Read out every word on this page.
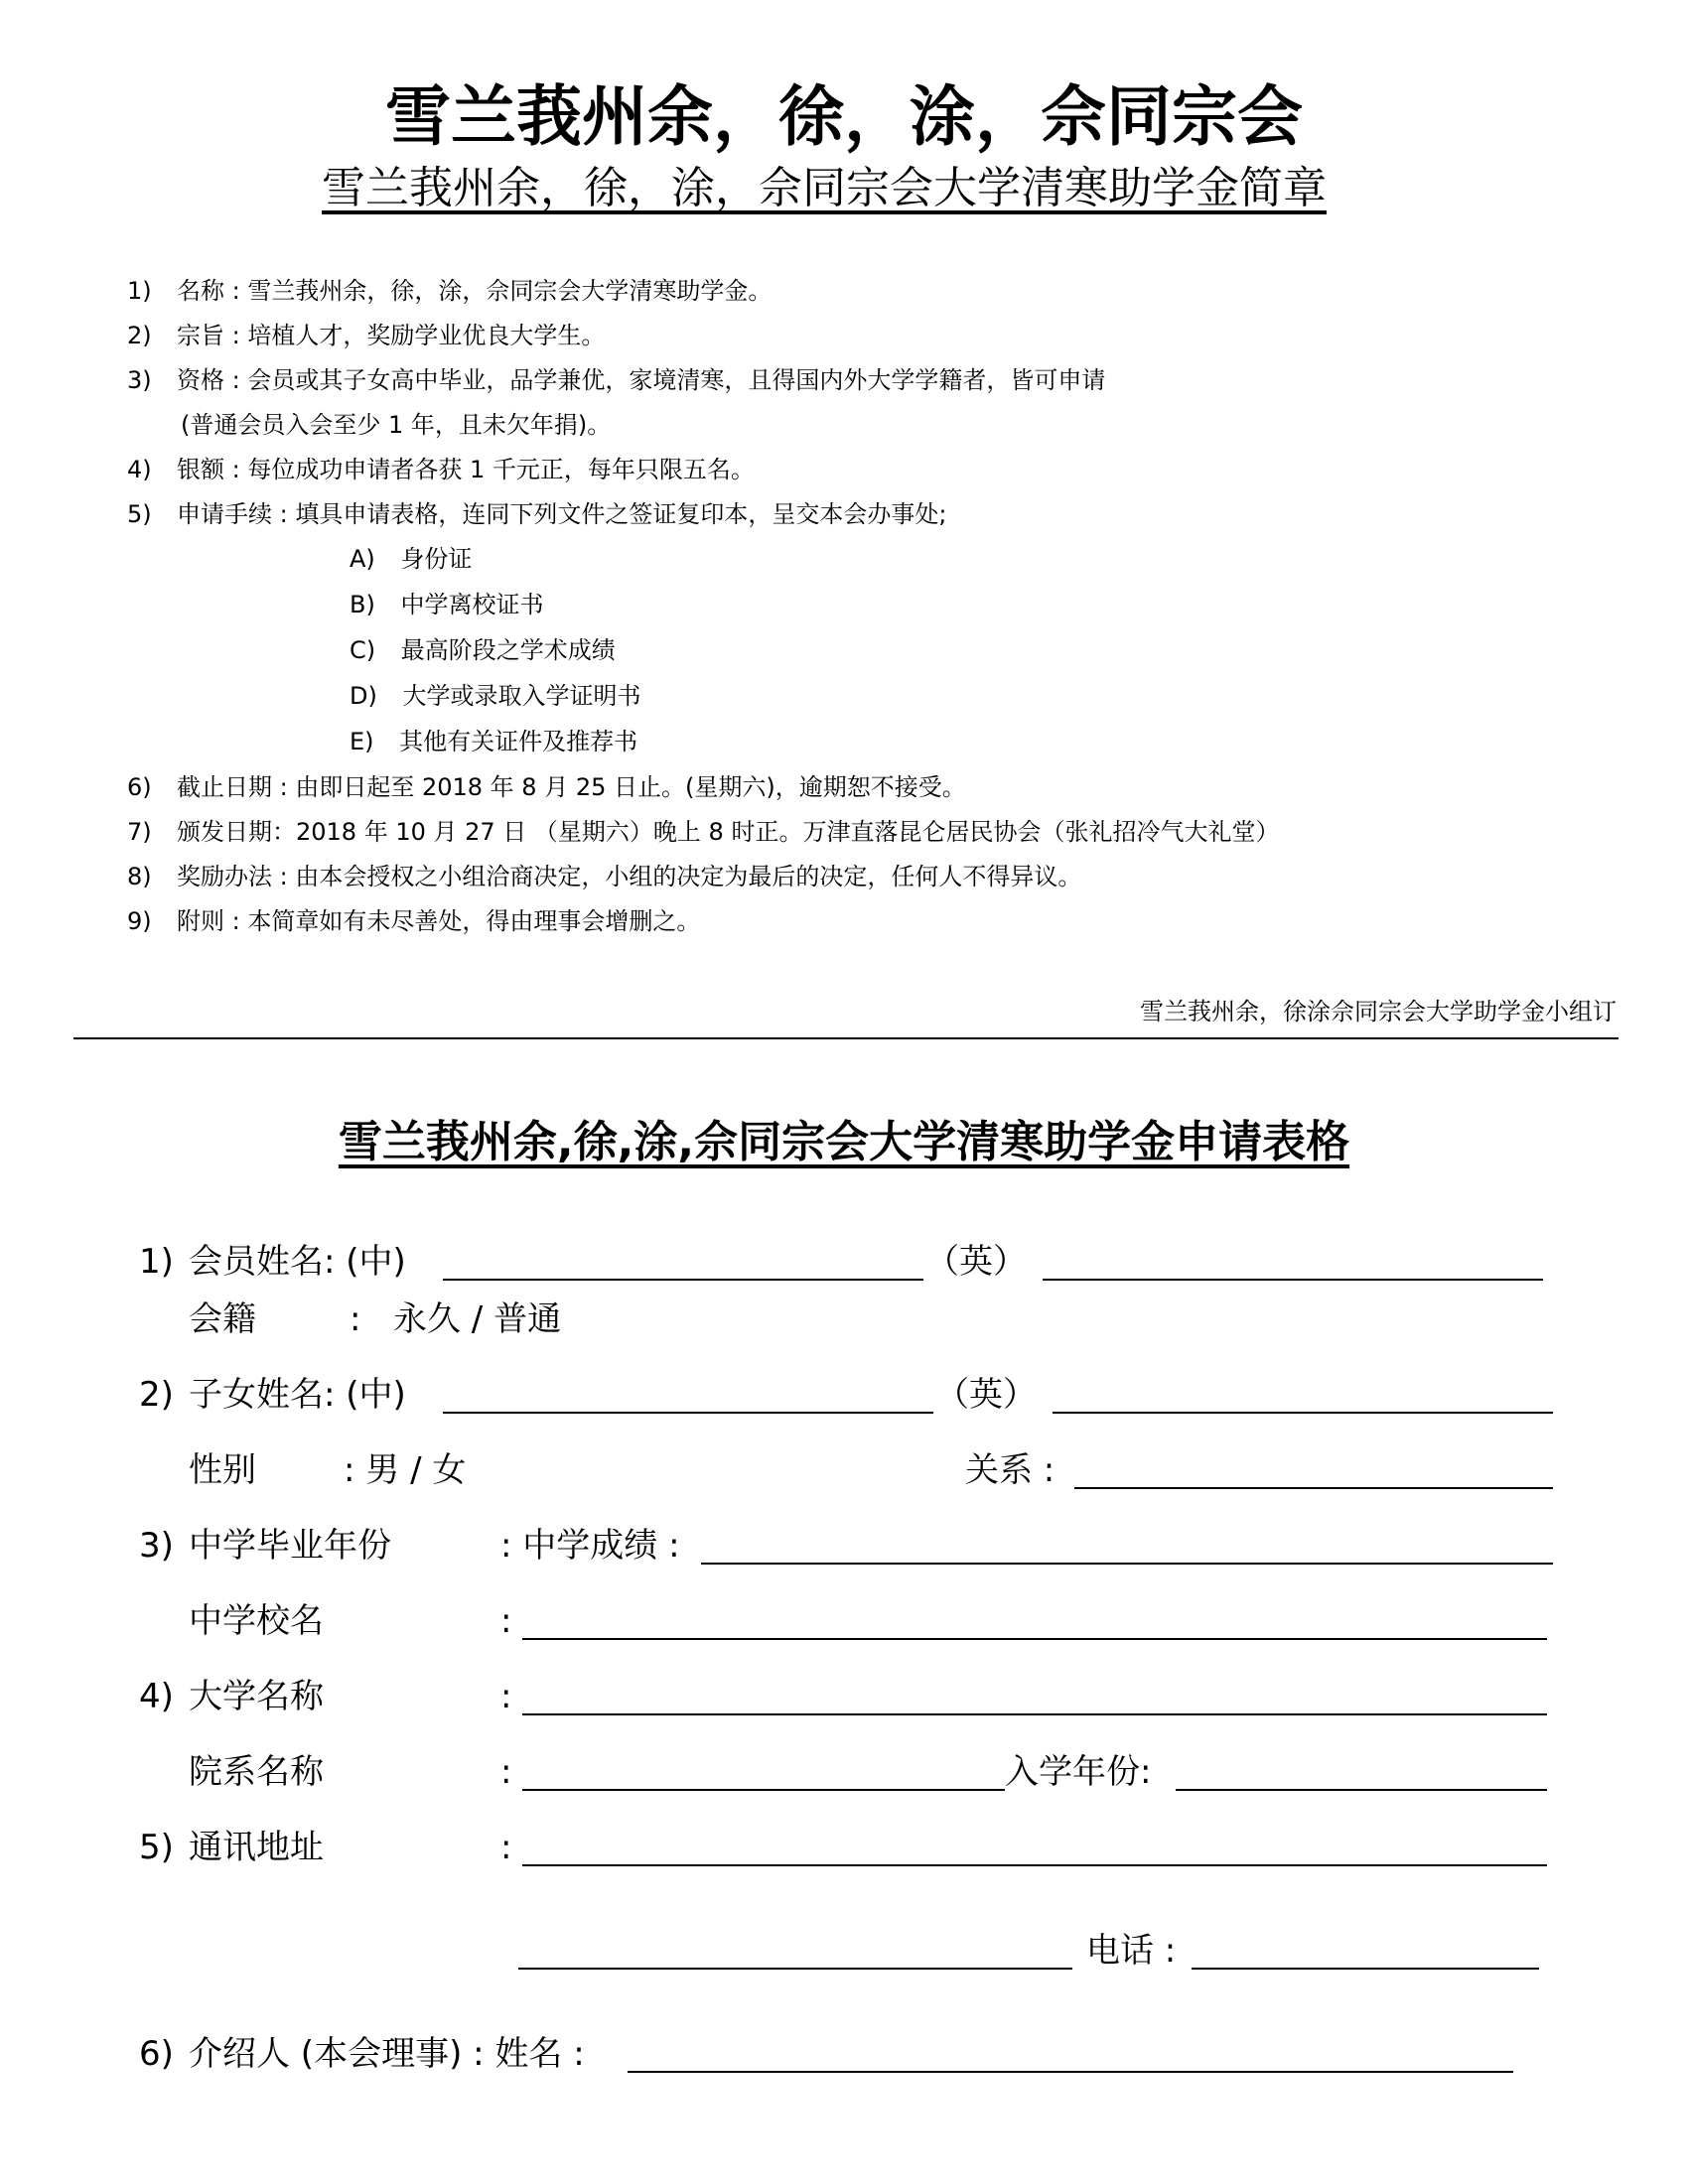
雪兰莪州余，徐，涂，佘同宗会
雪兰莪州余，徐，涂，佘同宗会大学清寒助学金简章
1) 名称 : 雪兰莪州余，徐，涂，佘同宗会大学清寒助学金。
2) 宗旨 : 培植人才，奖励学业优良大学生。
3) 资格 : 会员或其子女高中毕业，品学兼优，家境清寒，且得国内外大学学籍者，皆可申请
(普通会员入会至少 1 年，且未欠年捐)。
4) 银额 : 每位成功申请者各获 1 千元正，每年只限五名。
5) 申请手续 : 填具申请表格，连同下列文件之签证复印本，呈交本会办事处;
A) 身份证
B) 中学离校证书
C) 最高阶段之学术成绩
D) 大学或录取入学证明书
E) 其他有关证件及推荐书
6) 截止日期 : 由即日起至 2018 年 8 月 25 日止。(星期六)，逾期恕不接受。
7) 颁发日期：2018 年 10 月 27 日 （星期六）晚上 8 时正。万津直落昆仑居民协会（张礼招冷气大礼堂）
8) 奖励办法 : 由本会授权之小组洽商决定，小组的决定为最后的决定，任何人不得异议。
9) 附则 : 本简章如有未尽善处，得由理事会增删之。
雪兰莪州余，徐涂佘同宗会大学助学金小组订
雪兰莪州余,徐,涂,佘同宗会大学清寒助学金申请表格
1) 会员姓名: (中)	（英）
会籍	: 永久 / 普通
2) 子女姓名: (中)	（英）
性别	: 男 / 女	关系 :
3) 中学毕业年份	: 中学成绩 :
中学校名	:
4) 大学名称	:
院系名称	:	入学年份:
5) 通讯地址	:
电话 :
6) 介绍人 (本会理事) : 姓名 :
